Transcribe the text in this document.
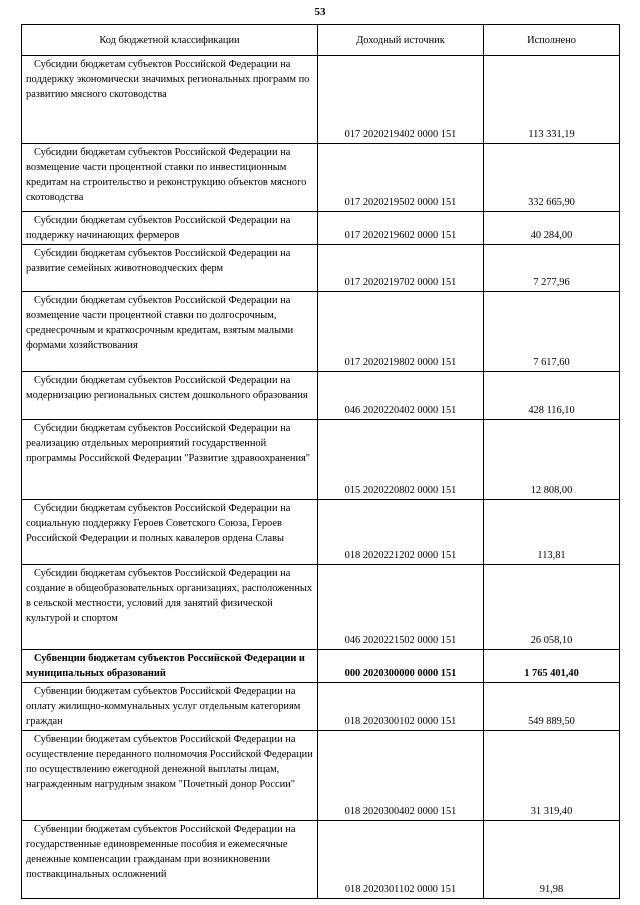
53
Код бюджетной классификации	Доходный источник	Исполнено
Субсидии бюджетам субъектов Российской Федерации на поддержку экономически значимых региональных программ по развитию мясного скотоводства	017 2020219402 0000 151	113 331,19
Субсидии бюджетам субъектов Российской Федерации на возмещение части процентной ставки по инвестиционным кредитам на строительство и реконструкцию объектов мясного скотоводства	017 2020219502 0000 151	332 665,90
Субсидии бюджетам субъектов Российской Федерации на поддержку начинающих фермеров	017 2020219602 0000 151	40 284,00
Субсидии бюджетам субъектов Российской Федерации на развитие семейных животноводческих ферм	017 2020219702 0000 151	7 277,96
Субсидии бюджетам субъектов Российской Федерации на возмещение части процентной ставки по долгосрочным, среднесрочным и краткосрочным кредитам, взятым малыми формами хозяйствования	017 2020219802 0000 151	7 617,60
Субсидии бюджетам субъектов Российской Федерации на модернизацию региональных систем дошкольного образования	046 2020220402 0000 151	428 116,10
Субсидии бюджетам субъектов Российской Федерации на реализацию отдельных мероприятий государственной программы Российской Федерации "Развитие здравоохранения"	015 2020220802 0000 151	12 808,00
Субсидии бюджетам субъектов Российской Федерации на социальную поддержку Героев Советского Союза, Героев Российской Федерации и полных кавалеров ордена Славы	018 2020221202 0000 151	113,81
Субсидии бюджетам субъектов Российской Федерации на создание в общеобразовательных организациях, расположенных в сельской местности, условий для занятий физической культурой и спортом	046 2020221502 0000 151	26 058,10
Субвенции бюджетам субъектов Российской Федерации и муниципальных образований	000 2020300000 0000 151	1 765 401,40
Субвенции бюджетам субъектов Российской Федерации на оплату жилищно-коммунальных услуг отдельным категориям граждан	018 2020300102 0000 151	549 889,50
Субвенции бюджетам субъектов Российской Федерации на осуществление переданного полномочия Российской Федерации по осуществлению ежегодной денежной выплаты лицам, награжденным нагрудным знаком "Почетный донор России"	018 2020300402 0000 151	31 319,40
Субвенции бюджетам субъектов Российской Федерации на государственные единовременные пособия и ежемесячные денежные компенсации гражданам при возникновении поствакцинальных осложнений	018 2020301102 0000 151	91,98
